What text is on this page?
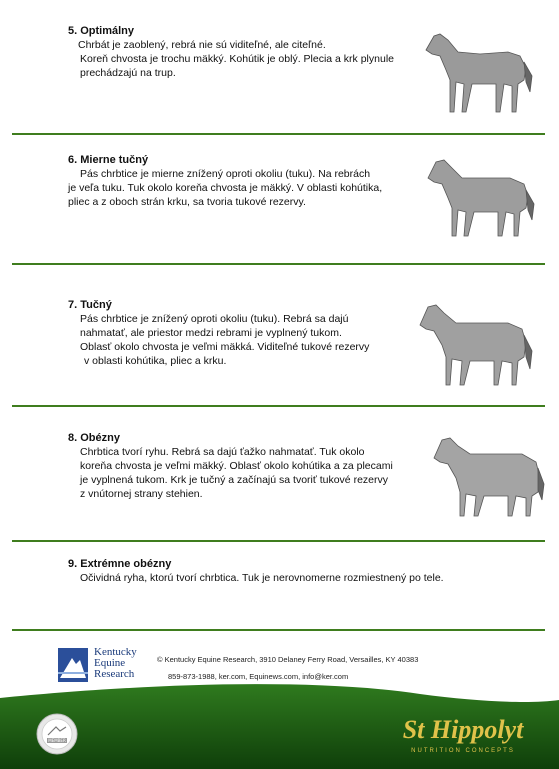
5. Optimálny
Chrbát je zaoblený, rebrá nie sú viditeľné, ale citeľné.
Koreň chvosta je trochu mäkký. Kohútik je oblý. Plecia a krk plynule
prechádzajú na trup.
6. Mierne tučný
Pás chrbtice je mierne znížený oproti okoliu (tuku). Na rebrách
je veľa tuku. Tuk okolo koreňa chvosta je mäkký. V oblasti kohútika,
pliec a z oboch strán krku, sa tvoria tukové rezervy.
7. Tučný
Pás chrbtice je znížený oproti okoliu (tuku). Rebrá sa dajú
nahmatať, ale priestor medzi rebrami je vyplnený tukom.
Oblasť okolo chvosta je veľmi mäkká. Viditeľné tukové rezervy
v oblasti kohútika, pliec a krku.
8. Obézny
Chrbtica tvorí ryhu. Rebrá sa dajú ťažko nahmatať. Tuk okolo
koreňa chvosta je veľmi mäkký. Oblasť okolo kohútika a za plecami
je vyplnená tukom. Krk je tučný a začínajú sa tvoriť tukové rezervy
z vnútornej strany stehien.
9. Extrémne obézny
Očividná ryha, ktorú tvorí chrbtica. Tuk je nerovnomerne rozmiestnený po tele.
Kentucky
Equine
Research
© Kentucky Equine Research, 3910 Delaney Ferry Road, Versailles, KY 40383
859-873-1988, ker.com, Equinews.com, info@ker.com
MEMBER	St Hippolyt
NUTRITION CONCEPTS
